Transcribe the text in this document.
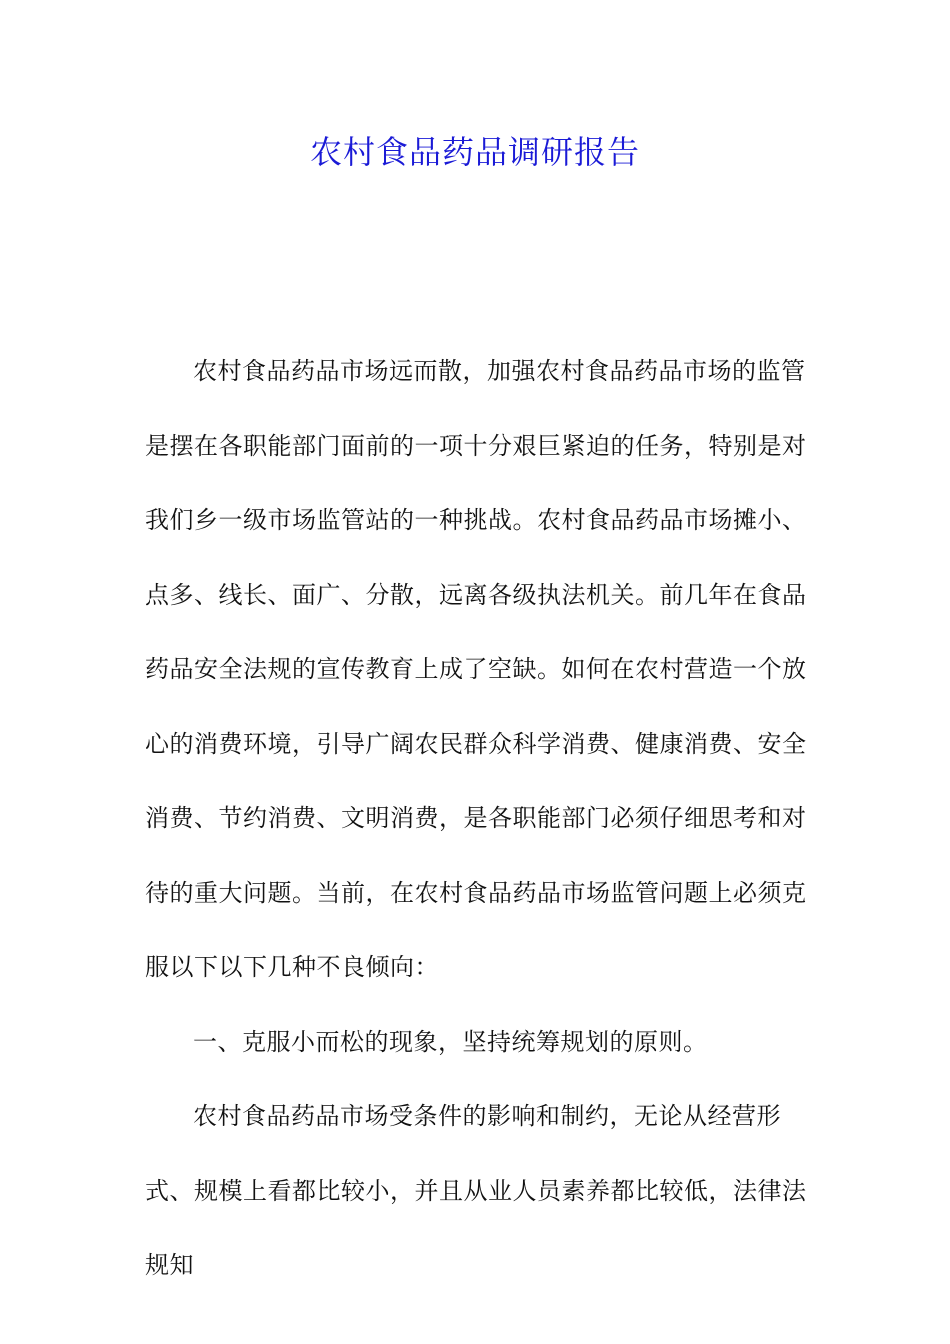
农村食品药品调研报告

农村食品药品市场远而散，加强农村食品药品市场的监管是摆在各职能部门面前的一项十分艰巨紧迫的任务，特别是对我们乡一级市场监管站的一种挑战。农村食品药品市场摊小、点多、线长、面广、分散，远离各级执法机关。前几年在食品药品安全法规的宣传教育上成了空缺。如何在农村营造一个放心的消费环境，引导广阔农民群众科学消费、健康消费、安全消费、节约消费、文明消费，是各职能部门必须仔细思考和对待的重大问题。当前，在农村食品药品市场监管问题上必须克服以下以下几种不良倾向：

一、克服小而松的现象，坚持统筹规划的原则。

农村食品药品市场受条件的影响和制约，无论从经营形式、规模上看都比较小，并且从业人员素养都比较低，法律法规知
